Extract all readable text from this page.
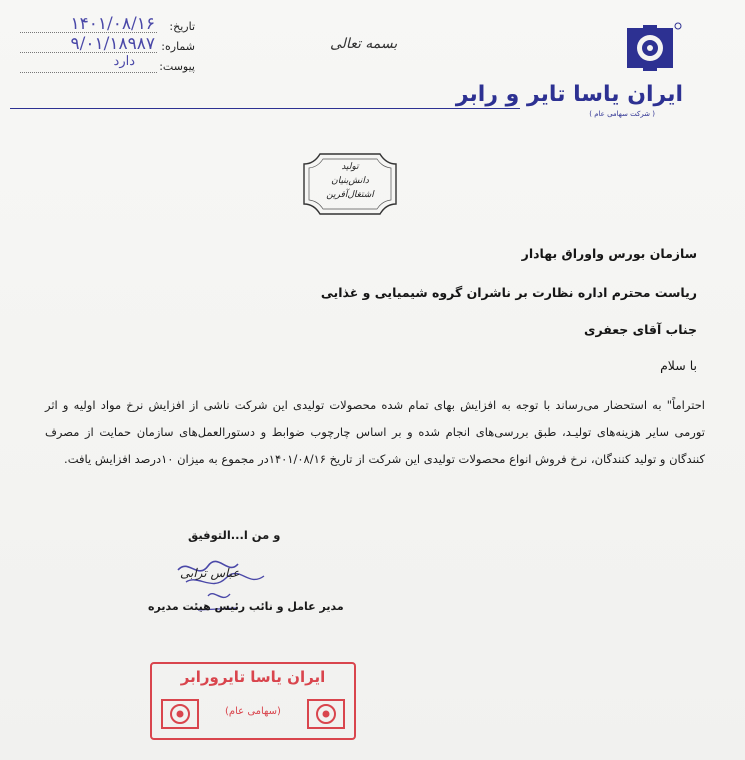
تاریخ:
۱۴۰۱/۰۸/۱۶
شماره:
۹/۰۱/۱۸۹۸۷
پیوست:
دارد
بسمه تعالی
ایران یاسا تایر و رابر
( شرکت سهامی عام )
تولید
دانش‌بنیان
اشتغال‌آفرین
سازمان بورس واوراق بهادار
ریاست محترم اداره نظارت بر ناشران گروه شیمیایی و غذایی
جناب آقای جعفری
با سلام
احتراماً" به استحضار می‌رساند با توجه به افزایش بهای تمام شده محصولات تولیدی این شرکت ناشی از افزایش نرخ مواد اولیه و اثر تورمی سایر هزینه‌های تولیـد، طبق بررسی‌های انجام شده و بر اساس چارچوب ضوابط و دستورالعمل‌های سازمان حمایت از مصرف کنندگان و تولید کنندگان، نرخ فروش انواع محصولات تولیدی این شرکت از تاریخ ۱۴۰۱/۰۸/۱۶در مجموع به میزان ۱۰درصد افزایش یافت.
و من ا...التوفیق
عباس ترابی
مدیر عامل و نائب رئیس هیئت مدیره
ایران یاسا تایرورابر
(سهامی عام)
